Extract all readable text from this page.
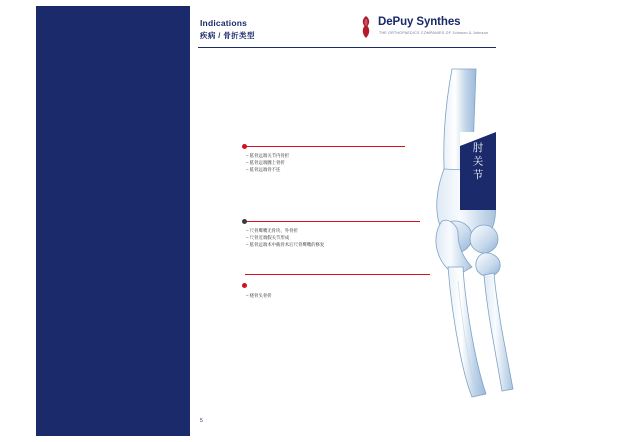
Indications
疾病 / 骨折类型
DePuy Synthes
THE ORTHOPAEDICS COMPANIES OF Johnson & Johnson
– 肱骨远端关节内骨折
– 肱骨远端髁上骨折
– 肱骨远端骨不连
– 尺骨鹰嘴无骨块、外骨折
– 尺骨近端假关节形成
– 肱骨远端术中截骨术后尺骨鹰嘴的修复
– 桡骨头骨折
5
肘关节
